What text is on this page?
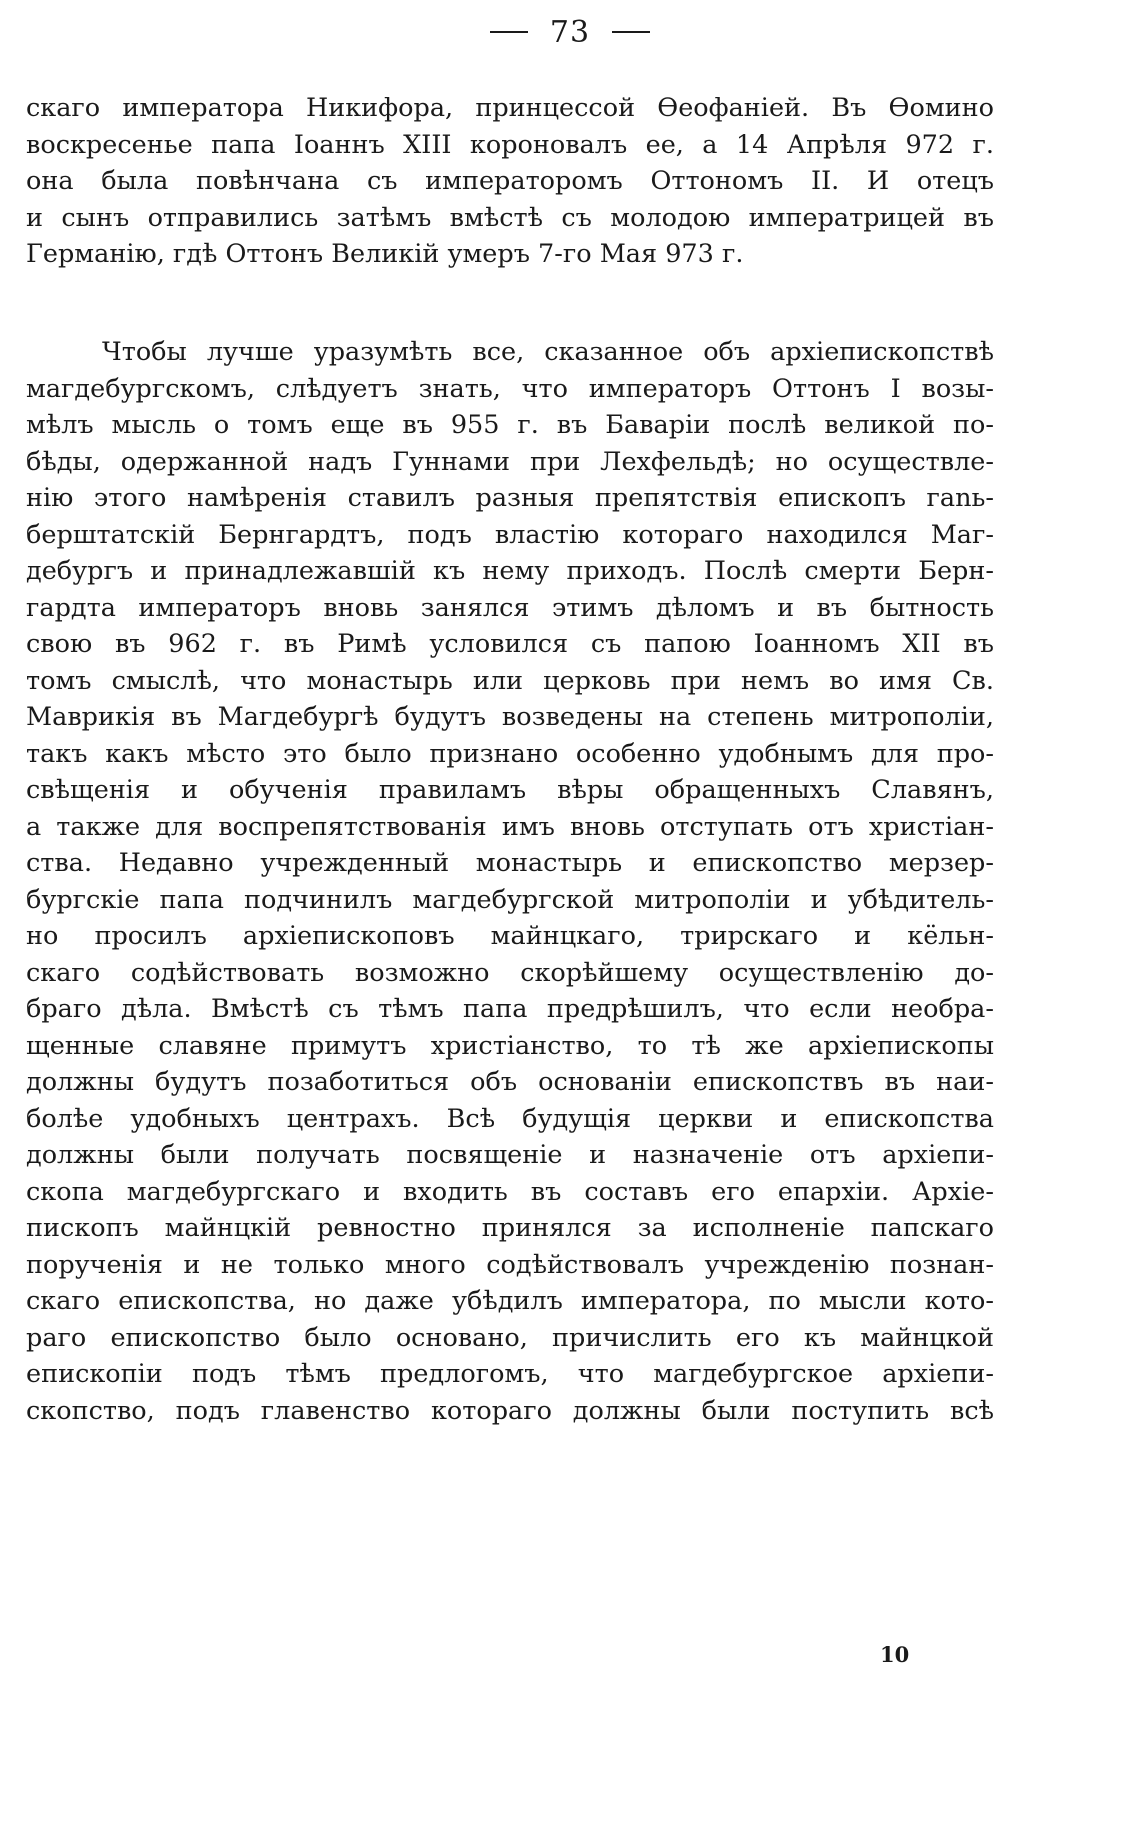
73
скаго императора Никифора, принцессой Ѳеофаніей. Въ Ѳомино
воскресенье папа Іоаннъ XIII короновалъ ее, а 14 Апрѣля 972 г.
она была повѣнчана съ императоромъ Оттономъ II. И отецъ
и сынъ отправились затѣмъ вмѣстѣ съ молодою императрицей въ
Германію, гдѣ Оттонъ Великій умеръ 7-го Мая 973 г.
Чтобы лучше уразумѣть все, сказанное объ архіепископствѣ
магдебургскомъ, слѣдуетъ знать, что императоръ Оттонъ I возы-
мѣлъ мысль о томъ еще въ 955 г. въ Баваріи послѣ великой по-
бѣды, одержанной надъ Гуннами при Лехфельдѣ; но осуществле-
нію этого намѣренія ставилъ разныя препятствія епископъ гаnь-
берштатскій Бернгардтъ, подъ властію котораго находился Маг-
дебургъ и принадлежавшій къ нему приходъ. Послѣ смерти Берн-
гардта императоръ вновь занялся этимъ дѣломъ и въ бытность
свою въ 962 г. въ Римѣ условился съ папою Іоанномъ XII въ
томъ смыслѣ, что монастырь или церковь при немъ во имя Св.
Маврикія въ Магдебургѣ будутъ возведены на степень митрополіи,
такъ какъ мѣсто это было признано особенно удобнымъ для про-
свѣщенія и обученія правиламъ вѣры обращенныхъ Славянъ,
а также для воспрепятствованія имъ вновь отступать отъ христіан-
ства. Недавно учрежденный монастырь и епископство мерзер-
бургскіе папа подчинилъ магдебургской митрополіи и убѣдитель-
но просилъ архіепископовъ майнцкаго, трирскаго и кёльн-
скаго содѣйствовать возможно скорѣйшему осуществленію до-
браго дѣла. Вмѣстѣ съ тѣмъ папа предрѣшилъ, что если необра-
щенные славяне примутъ христіанство, то тѣ же архіепископы
должны будутъ позаботиться объ основаніи епископствъ въ наи-
болѣе удобныхъ центрахъ. Всѣ будущія церкви и епископства
должны были получать посвященіе и назначеніе отъ архіепи-
скопа магдебургскаго и входить въ составъ его епархіи. Архіе-
пископъ майнцкій ревностно принялся за исполненіе папскаго
порученія и не только много содѣйствовалъ учрежденію познан-
скаго епископства, но даже убѣдилъ императора, по мысли кото-
раго епископство было основано, причислить его къ майнцкой
епископіи подъ тѣмъ предлогомъ, что магдебургское архіепи-
скопство, подъ главенство котораго должны были поступить всѣ
10
